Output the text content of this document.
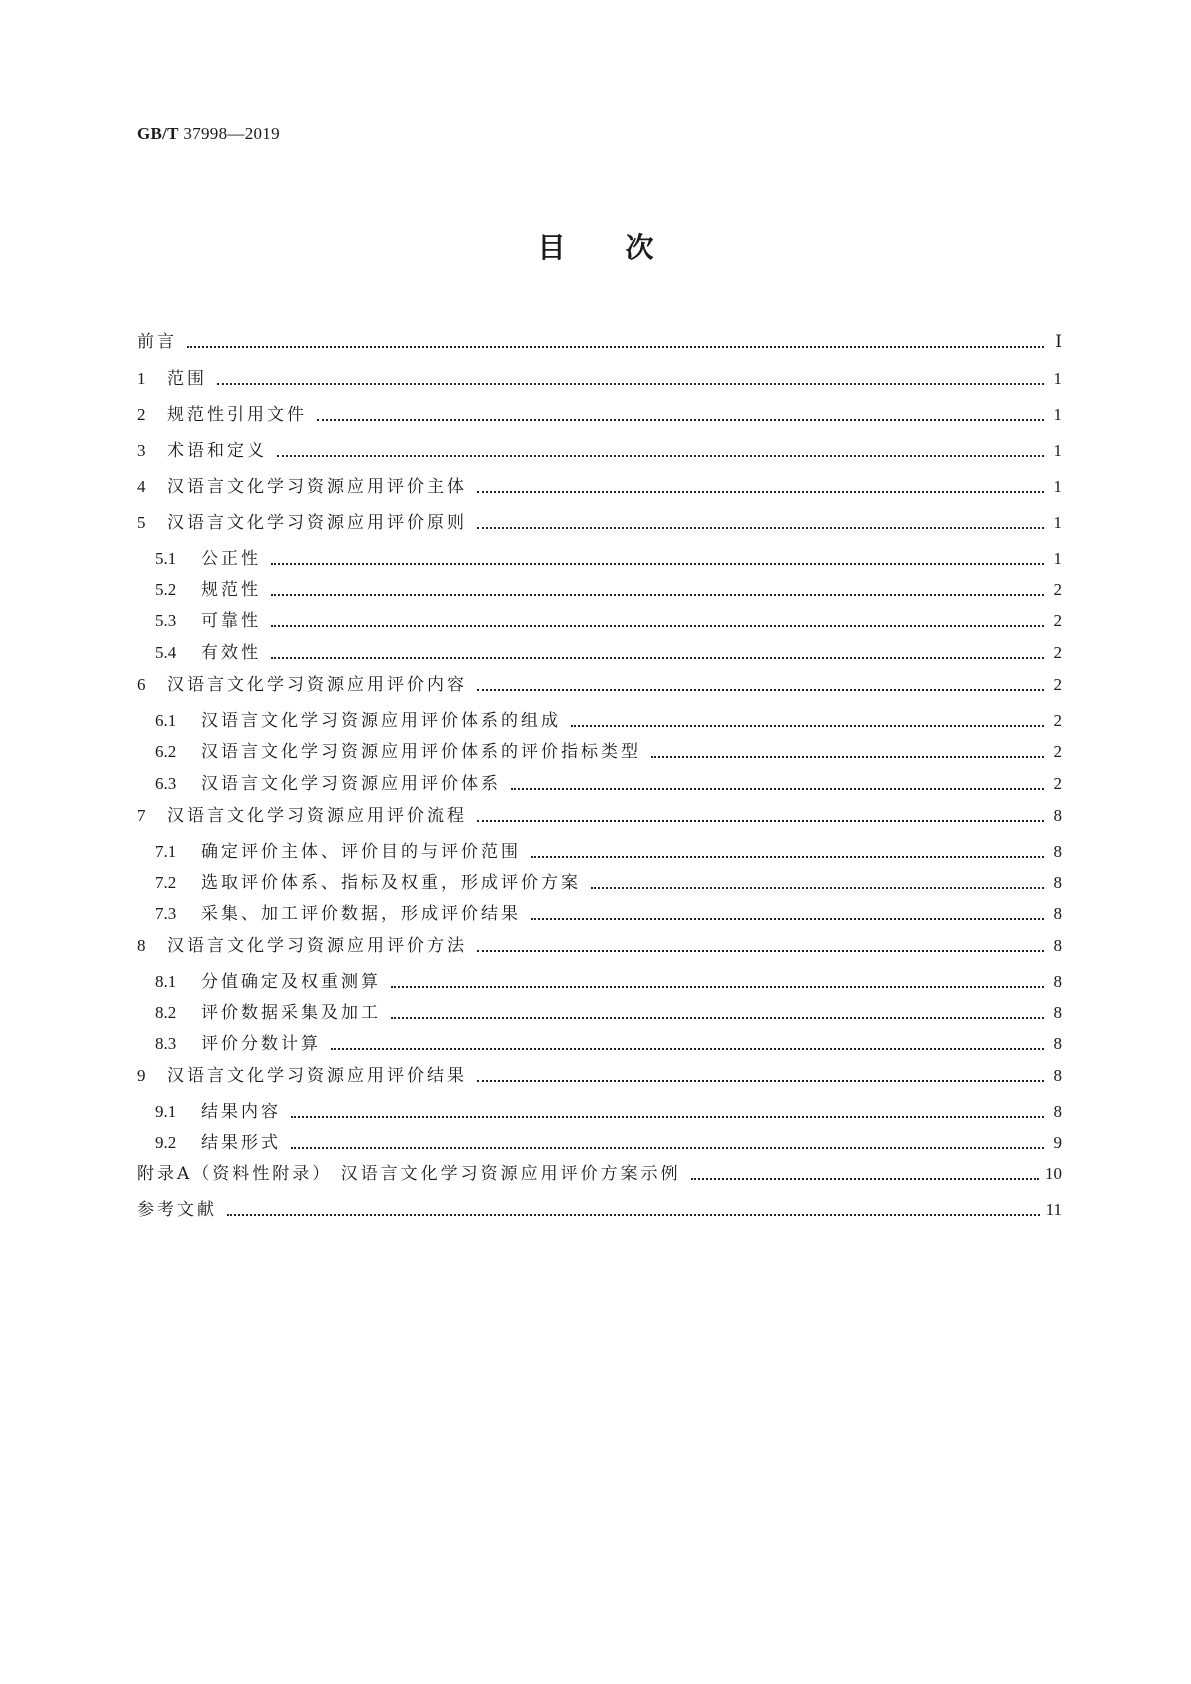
GB/T 37998—2019
目次
前言	Ⅰ
1	范围	1
2	规范性引用文件	1
3	术语和定义	1
4	汉语言文化学习资源应用评价主体	1
5	汉语言文化学习资源应用评价原则	1
5.1	公正性	1
5.2	规范性	2
5.3	可靠性	2
5.4	有效性	2
6	汉语言文化学习资源应用评价内容	2
6.1	汉语言文化学习资源应用评价体系的组成	2
6.2	汉语言文化学习资源应用评价体系的评价指标类型	2
6.3	汉语言文化学习资源应用评价体系	2
7	汉语言文化学习资源应用评价流程	8
7.1	确定评价主体、评价目的与评价范围	8
7.2	选取评价体系、指标及权重，形成评价方案	8
7.3	采集、加工评价数据，形成评价结果	8
8	汉语言文化学习资源应用评价方法	8
8.1	分值确定及权重测算	8
8.2	评价数据采集及加工	8
8.3	评价分数计算	8
9	汉语言文化学习资源应用评价结果	8
9.1	结果内容	8
9.2	结果形式	9
附录A（资料性附录） 汉语言文化学习资源应用评价方案示例	10
参考文献	11
